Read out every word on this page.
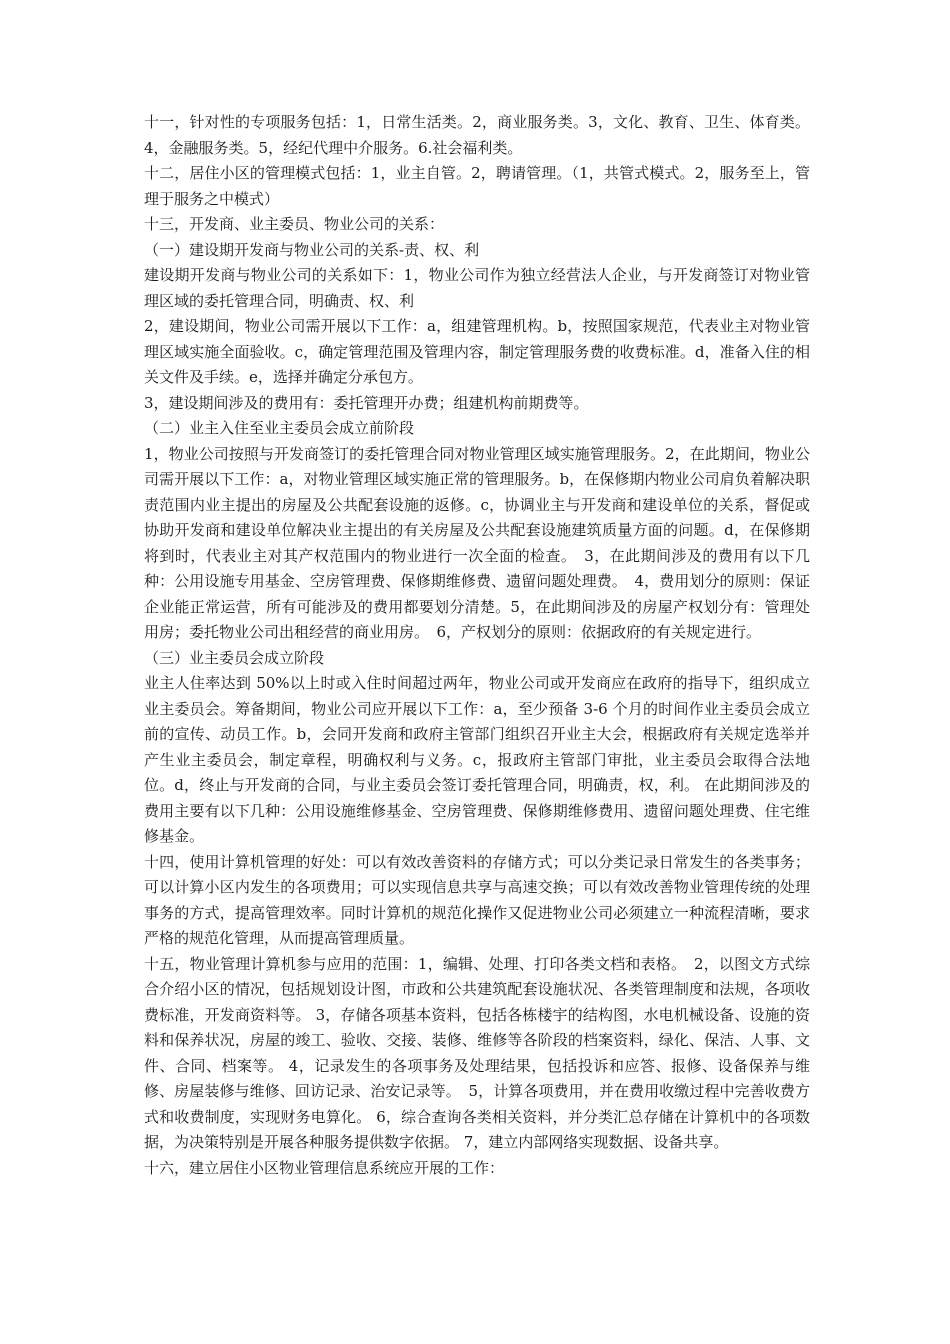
十一，针对性的专项服务包括：1，日常生活类。2，商业服务类。3，文化、教育、卫生、体育类。4，金融服务类。5，经纪代理中介服务。6.社会福利类。

十二，居住小区的管理模式包括：1，业主自管。2，聘请管理。（1，共管式模式。2，服务至上，管理于服务之中模式）

十三，开发商、业主委员、物业公司的关系：

（一）建设期开发商与物业公司的关系-责、权、利

建设期开发商与物业公司的关系如下：1，物业公司作为独立经营法人企业，与开发商签订对物业管理区域的委托管理合同，明确责、权、利

2，建设期间，物业公司需开展以下工作：a，组建管理机构。b，按照国家规范，代表业主对物业管理区域实施全面验收。c，确定管理范围及管理内容，制定管理服务费的收费标准。d，准备入住的相关文件及手续。e，选择并确定分承包方。

3，建设期间涉及的费用有：委托管理开办费；组建机构前期费等。

（二）业主入住至业主委员会成立前阶段

1，物业公司按照与开发商签订的委托管理合同对物业管理区域实施管理服务。2，在此期间，物业公司需开展以下工作：a，对物业管理区域实施正常的管理服务。b，在保修期内物业公司肩负着解决职责范围内业主提出的房屋及公共配套设施的返修。c，协调业主与开发商和建设单位的关系，督促或协助开发商和建设单位解决业主提出的有关房屋及公共配套设施建筑质量方面的问题。d，在保修期将到时，代表业主对其产权范围内的物业进行一次全面的检查。　3，在此期间涉及的费用有以下几种：公用设施专用基金、空房管理费、保修期维修费、遗留问题处理费。　4，费用划分的原则：保证企业能正常运营，所有可能涉及的费用都要划分清楚。5，在此期间涉及的房屋产权划分有：管理处用房；委托物业公司出租经营的商业用房。　6，产权划分的原则：依据政府的有关规定进行。

（三）业主委员会成立阶段

业主人住率达到 50%以上时或入住时间超过两年，物业公司或开发商应在政府的指导下，组织成立业主委员会。筹备期间，物业公司应开展以下工作：a，至少预备 3-6 个月的时间作业主委员会成立前的宣传、动员工作。b，会同开发商和政府主管部门组织召开业主大会，根据政府有关规定选举并产生业主委员会，制定章程，明确权利与义务。c，报政府主管部门审批，业主委员会取得合法地位。d，终止与开发商的合同，与业主委员会签订委托管理合同，明确责，权，利。 在此期间涉及的费用主要有以下几种：公用设施维修基金、空房管理费、保修期维修费用、遗留问题处理费、住宅维修基金。

十四，使用计算机管理的好处：可以有效改善资料的存储方式；可以分类记录日常发生的各类事务；可以计算小区内发生的各项费用；可以实现信息共享与高速交换；可以有效改善物业管理传统的处理事务的方式，提高管理效率。同时计算机的规范化操作又促进物业公司必须建立一种流程清晰，要求严格的规范化管理，从而提高管理质量。

十五，物业管理计算机参与应用的范围：1，编辑、处理、打印各类文档和表格。　2，以图文方式综合介绍小区的情况，包括规划设计图，市政和公共建筑配套设施状况、各类管理制度和法规，各项收费标准，开发商资料等。 3，存储各项基本资料，包括各栋楼宇的结构图，水电机械设备、设施的资料和保养状况，房屋的竣工、验收、交接、装修、维修等各阶段的档案资料，绿化、保洁、人事、文件、合同、档案等。 4，记录发生的各项事务及处理结果，包括投诉和应答、报修、设备保养与维修、房屋装修与维修、回访记录、治安记录等。　5，计算各项费用，并在费用收缴过程中完善收费方式和收费制度，实现财务电算化。 6，综合查询各类相关资料，并分类汇总存储在计算机中的各项数据，为决策特别是开展各种服务提供数字依据。 7，建立内部网络实现数据、设备共享。

十六，建立居住小区物业管理信息系统应开展的工作：
